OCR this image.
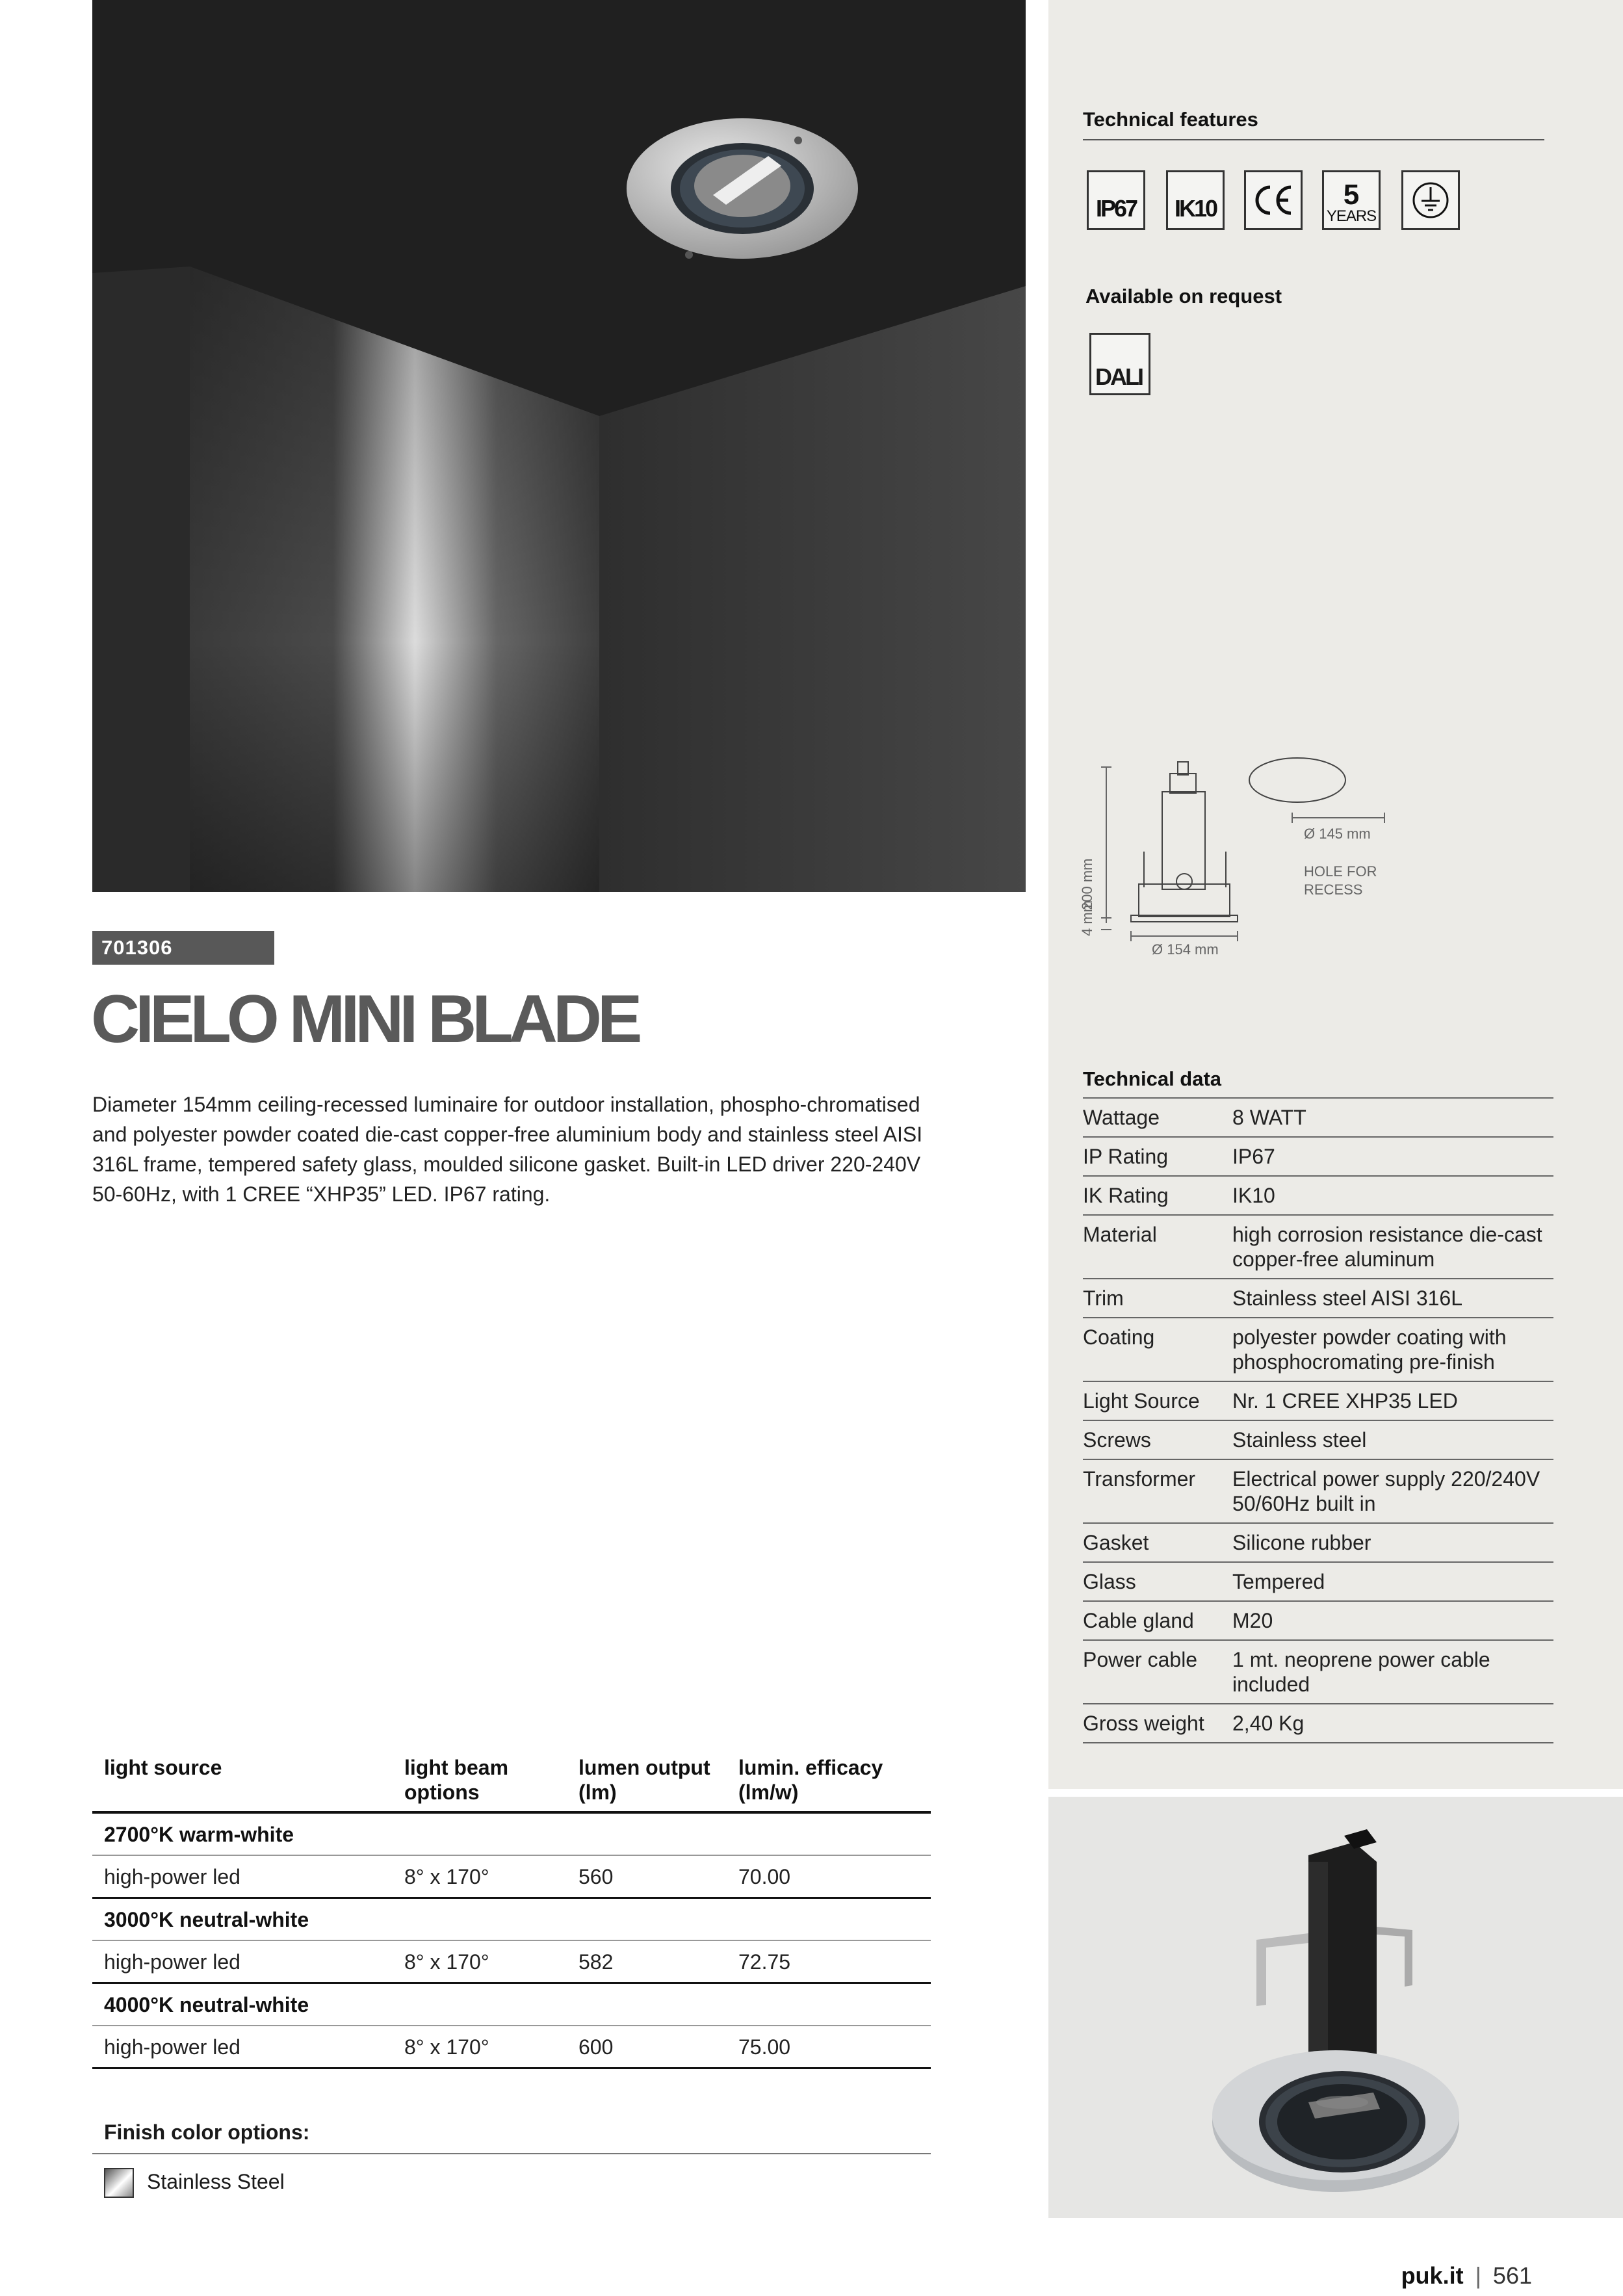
701306
CIELO MINI BLADE

Diameter 154mm ceiling-recessed luminaire for outdoor installation, phospho-chromatised and polyester powder coated die-cast copper-free aluminium body and stainless steel AISI 316L frame, tempered safety glass, moulded silicone gasket. Built-in LED driver 220-240V 50-60Hz, with 1 CREE “XHP35” LED. IP67 rating.

Technical features
IP67 IK10	5
YEARS
Available on request
DALI
200 mm
4 mm
Ø 154 mm
Ø 145 mm
HOLE FOR
RECESS
Technical data
Wattage	8 WATT
IP Rating	IP67
IK Rating	IK10
Material	high corrosion resistance die-cast copper-free aluminum
Trim	Stainless steel AISI 316L
Coating	polyester powder coating with phosphocromating pre-finish
Light Source	Nr. 1 CREE XHP35 LED
Screws	Stainless steel
Transformer	Electrical power supply 220/240V 50/60Hz built in
Gasket	Silicone rubber
Glass	Tempered
Cable gland	M20
Power cable	1 mt. neoprene power cable included
Gross weight	2,40 Kg
light source	light beam options	lumen output (lm)	lumin. efficacy (lm/w)
2700°K warm-white			
high-power led	8° x 170°	560	70.00
3000°K neutral-white			
high-power led	8° x 170°	582	72.75
4000°K neutral-white			
high-power led	8° x 170°	600	75.00
Finish color options:
Stainless Steel
puk.it | 561
